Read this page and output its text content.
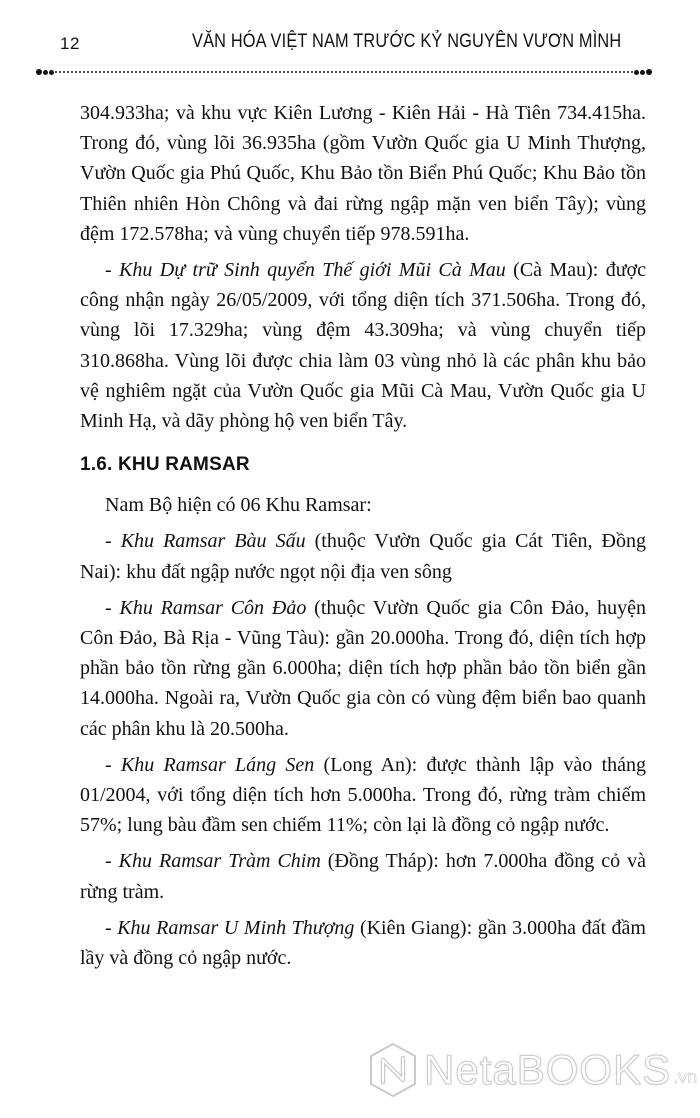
12	VĂN HÓA VIỆT NAM TRƯỚC KỶ NGUYÊN VƯƠN MÌNH

304.933ha; và khu vực Kiên Lương - Kiên Hải - Hà Tiên 734.415ha. Trong đó, vùng lõi 36.935ha (gồm Vườn Quốc gia U Minh Thượng, Vườn Quốc gia Phú Quốc, Khu Bảo tồn Biển Phú Quốc; Khu Bảo tồn Thiên nhiên Hòn Chông và đai rừng ngập mặn ven biển Tây); vùng đệm 172.578ha; và vùng chuyển tiếp 978.591ha.

- Khu Dự trữ Sinh quyển Thế giới Mũi Cà Mau (Cà Mau): được công nhận ngày 26/05/2009, với tổng diện tích 371.506ha. Trong đó, vùng lõi 17.329ha; vùng đệm 43.309ha; và vùng chuyển tiếp 310.868ha. Vùng lõi được chia làm 03 vùng nhỏ là các phân khu bảo vệ nghiêm ngặt của Vườn Quốc gia Mũi Cà Mau, Vườn Quốc gia U Minh Hạ, và dãy phòng hộ ven biển Tây.

1.6. KHU RAMSAR

Nam Bộ hiện có 06 Khu Ramsar:

- Khu Ramsar Bàu Sấu (thuộc Vườn Quốc gia Cát Tiên, Đồng Nai): khu đất ngập nước ngọt nội địa ven sông

- Khu Ramsar Côn Đảo (thuộc Vườn Quốc gia Côn Đảo, huyện Côn Đảo, Bà Rịa - Vũng Tàu): gần 20.000ha. Trong đó, diện tích hợp phần bảo tồn rừng gần 6.000ha; diện tích hợp phần bảo tồn biển gần 14.000ha. Ngoài ra, Vườn Quốc gia còn có vùng đệm biển bao quanh các phân khu là 20.500ha.

- Khu Ramsar Láng Sen (Long An): được thành lập vào tháng 01/2004, với tổng diện tích hơn 5.000ha. Trong đó, rừng tràm chiếm 57%; lung bàu đầm sen chiếm 11%; còn lại là đồng cỏ ngập nước.

- Khu Ramsar Tràm Chim (Đồng Tháp): hơn 7.000ha đồng cỏ và rừng tràm.

- Khu Ramsar U Minh Thượng (Kiên Giang): gần 3.000ha đất đầm lầy và đồng cỏ ngập nước.

NetaBOOKS .vn
